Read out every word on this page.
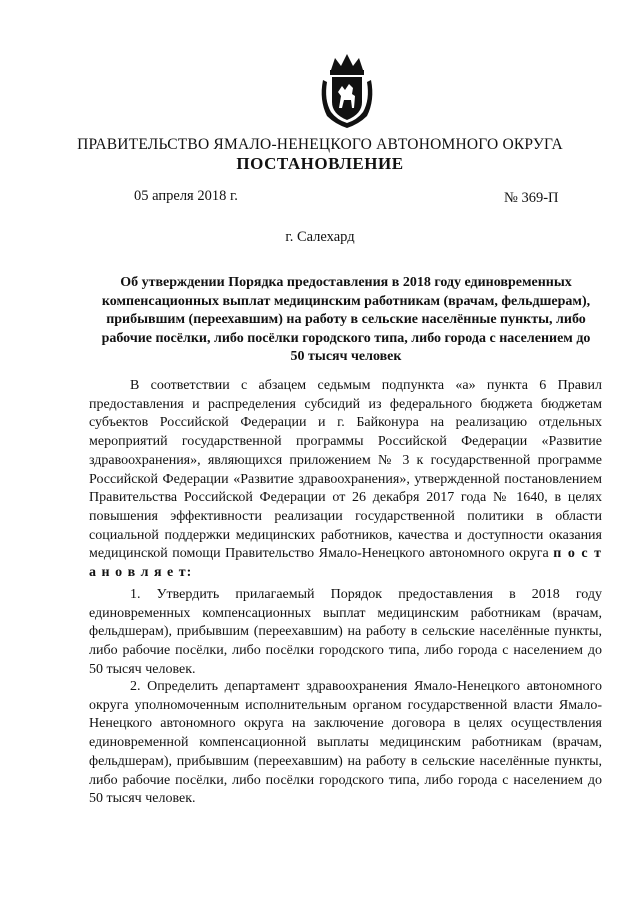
ПРАВИТЕЛЬСТВО ЯМАЛО-НЕНЕЦКОГО АВТОНОМНОГО ОКРУГА
ПОСТАНОВЛЕНИЕ
05 апреля 2018 г.	№ 369-П
г. Салехард
Об утверждении Порядка предоставления в 2018 году единовременных компенсационных выплат медицинским работникам (врачам, фельдшерам), прибывшим (переехавшим) на работу в сельские населённые пункты, либо рабочие посёлки, либо посёлки городского типа, либо города с населением до 50 тысяч человек
В соответствии с абзацем седьмым подпункта «а» пункта 6 Правил предоставления и распределения субсидий из федерального бюджета бюджетам субъектов Российской Федерации и г. Байконура на реализацию отдельных мероприятий государственной программы Российской Федерации «Развитие здравоохранения», являющихся приложением № 3 к государственной программе Российской Федерации «Развитие здравоохранения», утвержденной постановлением Правительства Российской Федерации от 26 декабря 2017 года № 1640, в целях повышения эффективности реализации государственной политики в области социальной поддержки медицинских работников, качества и доступности оказания медицинской помощи Правительство Ямало-Ненецкого автономного округа п о с т а н о в л я е т:
1. Утвердить прилагаемый Порядок предоставления в 2018 году единовременных компенсационных выплат медицинским работникам (врачам, фельдшерам), прибывшим (переехавшим) на работу в сельские населённые пункты, либо рабочие посёлки, либо посёлки городского типа, либо города с населением до 50 тысяч человек.
2. Определить департамент здравоохранения Ямало-Ненецкого автономного округа уполномоченным исполнительным органом государственной власти Ямало-Ненецкого автономного округа на заключение договора в целях осуществления единовременной компенсационной выплаты медицинским работникам (врачам, фельдшерам), прибывшим (переехавшим) на работу в сельские населённые пункты, либо рабочие посёлки, либо посёлки городского типа, либо города с населением до 50 тысяч человек.
